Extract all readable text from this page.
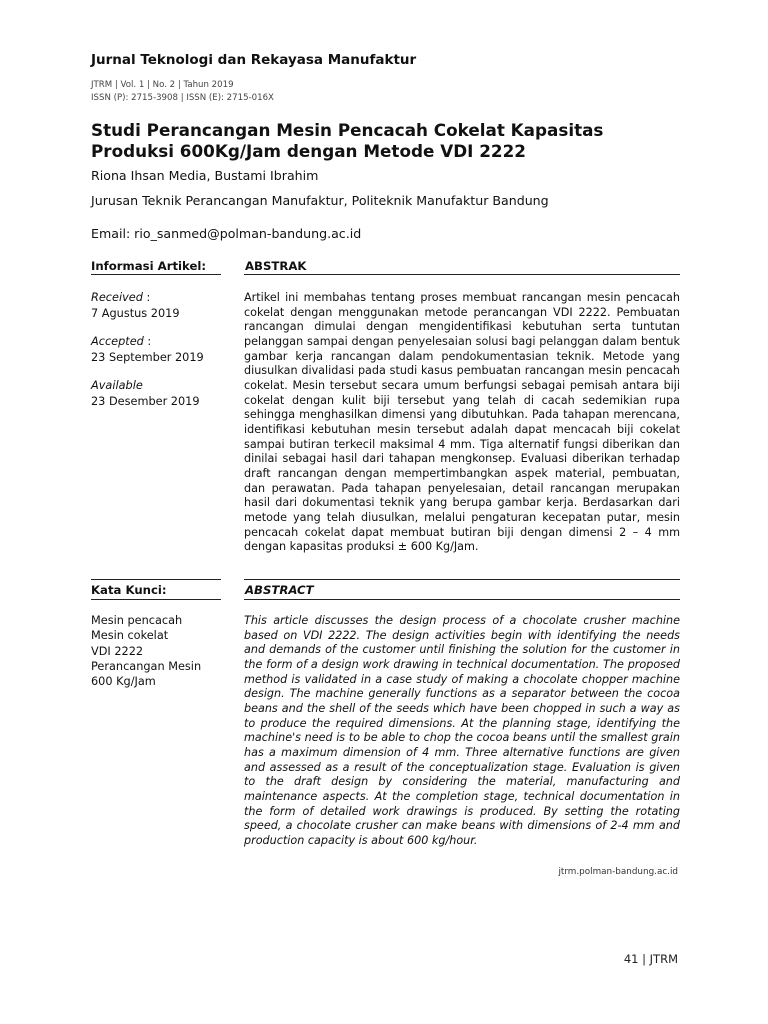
Jurnal Teknologi dan Rekayasa Manufaktur
JTRM | Vol. 1 | No. 2 | Tahun 2019
ISSN (P): 2715-3908 | ISSN (E): 2715-016X
Studi Perancangan Mesin Pencacah Cokelat Kapasitas Produksi 600Kg/Jam dengan Metode VDI 2222
Riona Ihsan Media, Bustami Ibrahim
Jurusan Teknik Perancangan Manufaktur, Politeknik Manufaktur Bandung
Email: rio_sanmed@polman-bandung.ac.id
Informasi Artikel:	ABSTRAK
Received :
7 Agustus 2019
Accepted :
23 September 2019
Available
23 Desember 2019
Artikel ini membahas tentang proses membuat rancangan mesin pencacah cokelat dengan menggunakan metode perancangan VDI 2222. Pembuatan rancangan dimulai dengan mengidentifikasi kebutuhan serta tuntutan pelanggan sampai dengan penyelesaian solusi bagi pelanggan dalam bentuk gambar kerja rancangan dalam pendokumentasian teknik. Metode yang diusulkan divalidasi pada studi kasus pembuatan rancangan mesin pencacah cokelat. Mesin tersebut secara umum berfungsi sebagai pemisah antara biji cokelat dengan kulit biji tersebut yang telah di cacah sedemikian rupa sehingga menghasilkan dimensi yang dibutuhkan. Pada tahapan merencana, identifikasi kebutuhan mesin tersebut adalah dapat mencacah biji cokelat sampai butiran terkecil maksimal 4 mm. Tiga alternatif fungsi diberikan dan dinilai sebagai hasil dari tahapan mengkonsep. Evaluasi diberikan terhadap draft rancangan dengan mempertimbangkan aspek material, pembuatan, dan perawatan. Pada tahapan penyelesaian, detail rancangan merupakan hasil dari dokumentasi teknik yang berupa gambar kerja. Berdasarkan dari metode yang telah diusulkan, melalui pengaturan kecepatan putar, mesin pencacah cokelat dapat membuat butiran biji dengan dimensi 2 – 4 mm dengan kapasitas produksi ± 600 Kg/Jam.
Kata Kunci:	ABSTRACT
Mesin pencacah
Mesin cokelat
VDI 2222
Perancangan Mesin
600 Kg/Jam
This article discusses the design process of a chocolate crusher machine based on VDI 2222. The design activities begin with identifying the needs and demands of the customer until finishing the solution for the customer in the form of a design work drawing in technical documentation. The proposed method is validated in a case study of making a chocolate chopper machine design. The machine generally functions as a separator between the cocoa beans and the shell of the seeds which have been chopped in such a way as to produce the required dimensions. At the planning stage, identifying the machine's need is to be able to chop the cocoa beans until the smallest grain has a maximum dimension of 4 mm. Three alternative functions are given and assessed as a result of the conceptualization stage. Evaluation is given to the draft design by considering the material, manufacturing and maintenance aspects. At the completion stage, technical documentation in the form of detailed work drawings is produced. By setting the rotating speed, a chocolate crusher can make beans with dimensions of 2-4 mm and production capacity is about 600 kg/hour.
jtrm.polman-bandung.ac.id
41 | JTRM
